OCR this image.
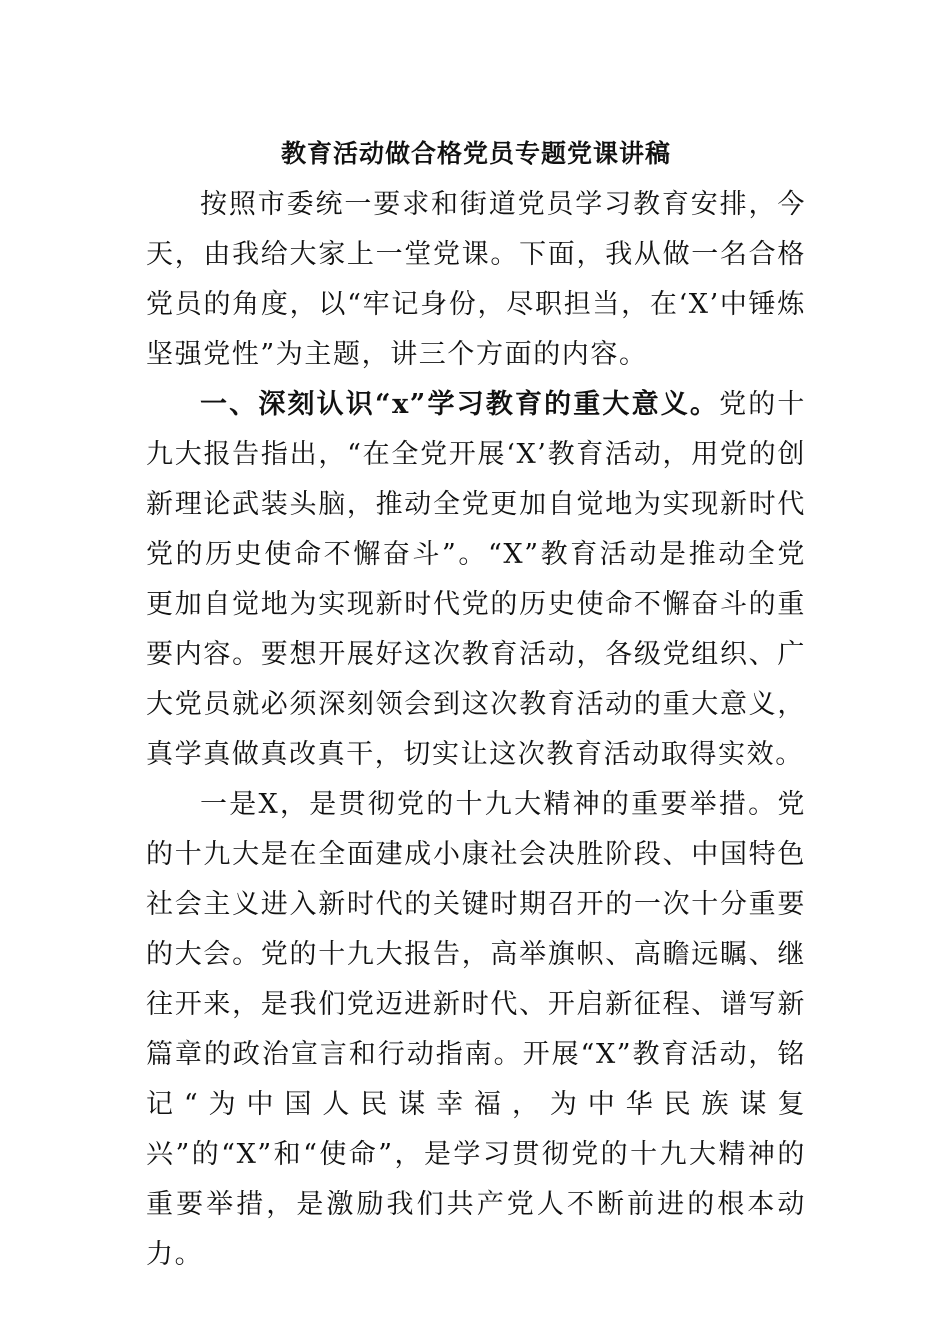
教育活动做合格党员专题党课讲稿

按照市委统一要求和街道党员学习教育安排，今天，由我给大家上一堂党课。下面，我从做一名合格党员的角度，以“牢记身份，尽职担当，在‘X’中锤炼坚强党性”为主题，讲三个方面的内容。

一、深刻认识“x”学习教育的重大意义。党的十九大报告指出，“在全党开展‘X’教育活动，用党的创新理论武装头脑，推动全党更加自觉地为实现新时代党的历史使命不懈奋斗”。“X”教育活动是推动全党更加自觉地为实现新时代党的历史使命不懈奋斗的重要内容。要想开展好这次教育活动，各级党组织、广大党员就必须深刻领会到这次教育活动的重大意义，真学真做真改真干，切实让这次教育活动取得实效。

一是X，是贯彻党的十九大精神的重要举措。党的十九大是在全面建成小康社会决胜阶段、中国特色社会主义进入新时代的关键时期召开的一次十分重要的大会。党的十九大报告，高举旗帜、高瞻远瞩、继往开来，是我们党迈进新时代、开启新征程、谱写新篇章的政治宣言和行动指南。开展“X”教育活动，铭记“为中国人民谋幸福，为中华民族谋复兴”的“X”和“使命”，是学习贯彻党的十九大精神的重要举措，是激励我们共产党人不断前进的根本动力。
